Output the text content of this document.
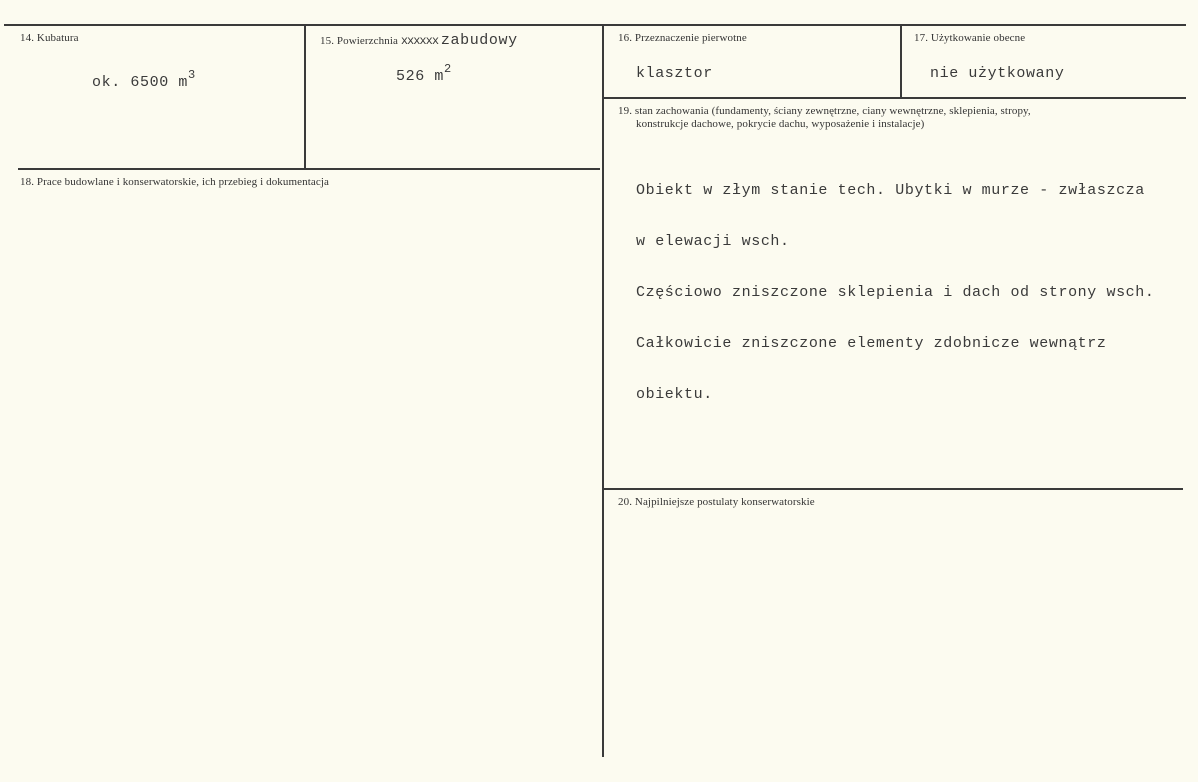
14. Kubatura
ok. 6500 $m^3$
15. Powierzchnia xxxxxx zabudowy
526 $m^2$
16. Przeznaczenie pierwotne
klasztor
17. Użytkowanie obecne
nie użytkowany
18. Prace budowlane i konserwatorskie, ich przebieg i dokumentacja
19. stan zachowania (fundamenty, ściany zewnętrzne, ciany wewnętrzne, sklepienia, stropy,
konstrukcje dachowe, pokrycie dachu, wyposażenie i instalacje)

Obiekt w złym stanie tech. Ubytki w murze - zwłaszcza

w elewacji wsch.

Częściowo zniszczone sklepienia i dach od strony wsch.

Całkowicie zniszczone elementy zdobnicze wewnątrz

obiektu.

20. Najpilniejsze postulaty konserwatorskie
